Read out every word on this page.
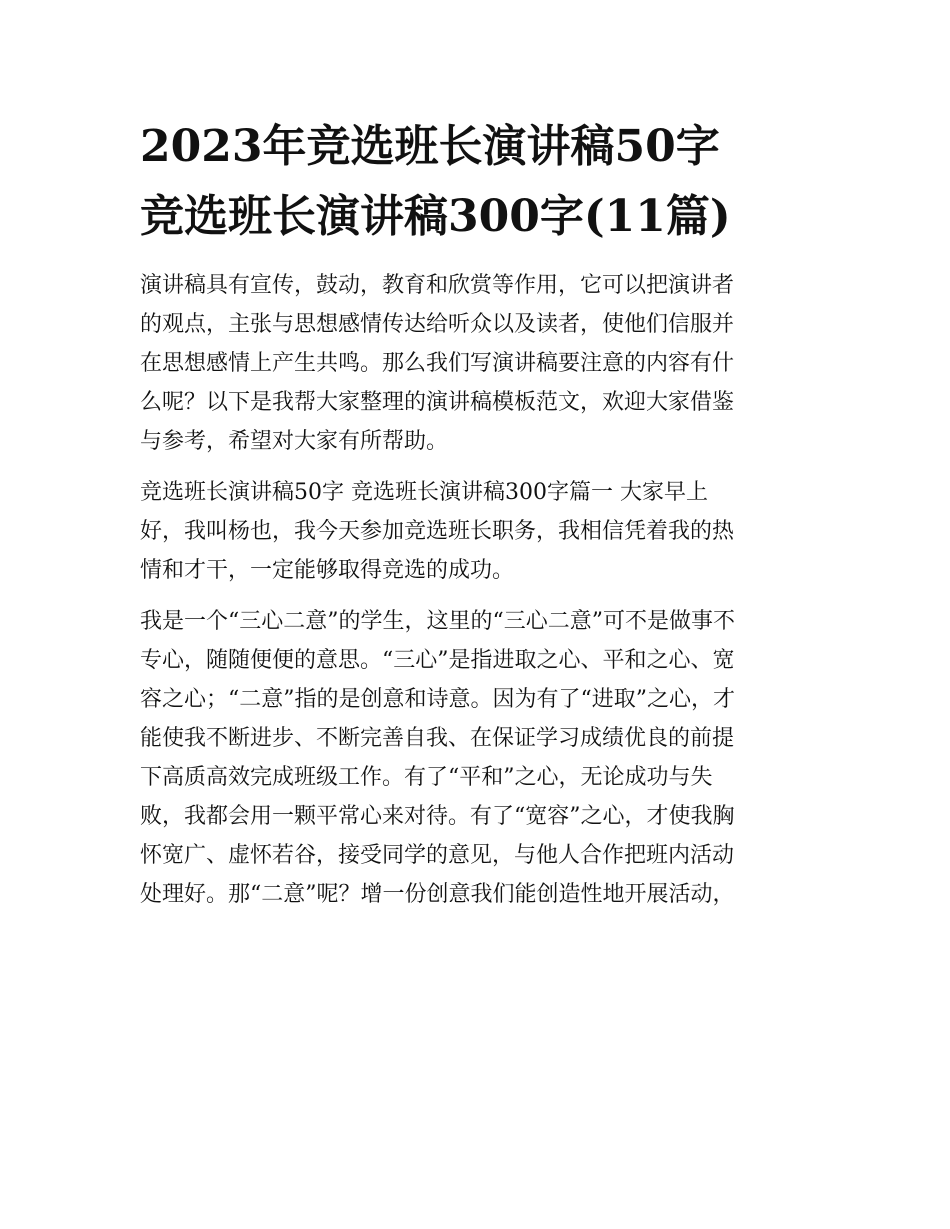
2023年竞选班长演讲稿50字
竞选班长演讲稿300字(11篇)
演讲稿具有宣传，鼓动，教育和欣赏等作用，它可以把演讲者
的观点，主张与思想感情传达给听众以及读者，使他们信服并
在思想感情上产生共鸣。那么我们写演讲稿要注意的内容有什
么呢？以下是我帮大家整理的演讲稿模板范文，欢迎大家借鉴
与参考，希望对大家有所帮助。
竞选班长演讲稿50字 竞选班长演讲稿300字篇一 大家早上
好，我叫杨也，我今天参加竞选班长职务，我相信凭着我的热
情和才干，一定能够取得竞选的成功。
我是一个“三心二意”的学生，这里的“三心二意”可不是做事不
专心，随随便便的意思。“三心”是指进取之心、平和之心、宽
容之心；“二意”指的是创意和诗意。因为有了“进取”之心，才
能使我不断进步、不断完善自我、在保证学习成绩优良的前提
下高质高效完成班级工作。有了“平和”之心，无论成功与失
败，我都会用一颗平常心来对待。有了“宽容”之心，才使我胸
怀宽广、虚怀若谷，接受同学的意见，与他人合作把班内活动
处理好。那“二意”呢？增一份创意我们能创造性地开展活动，
